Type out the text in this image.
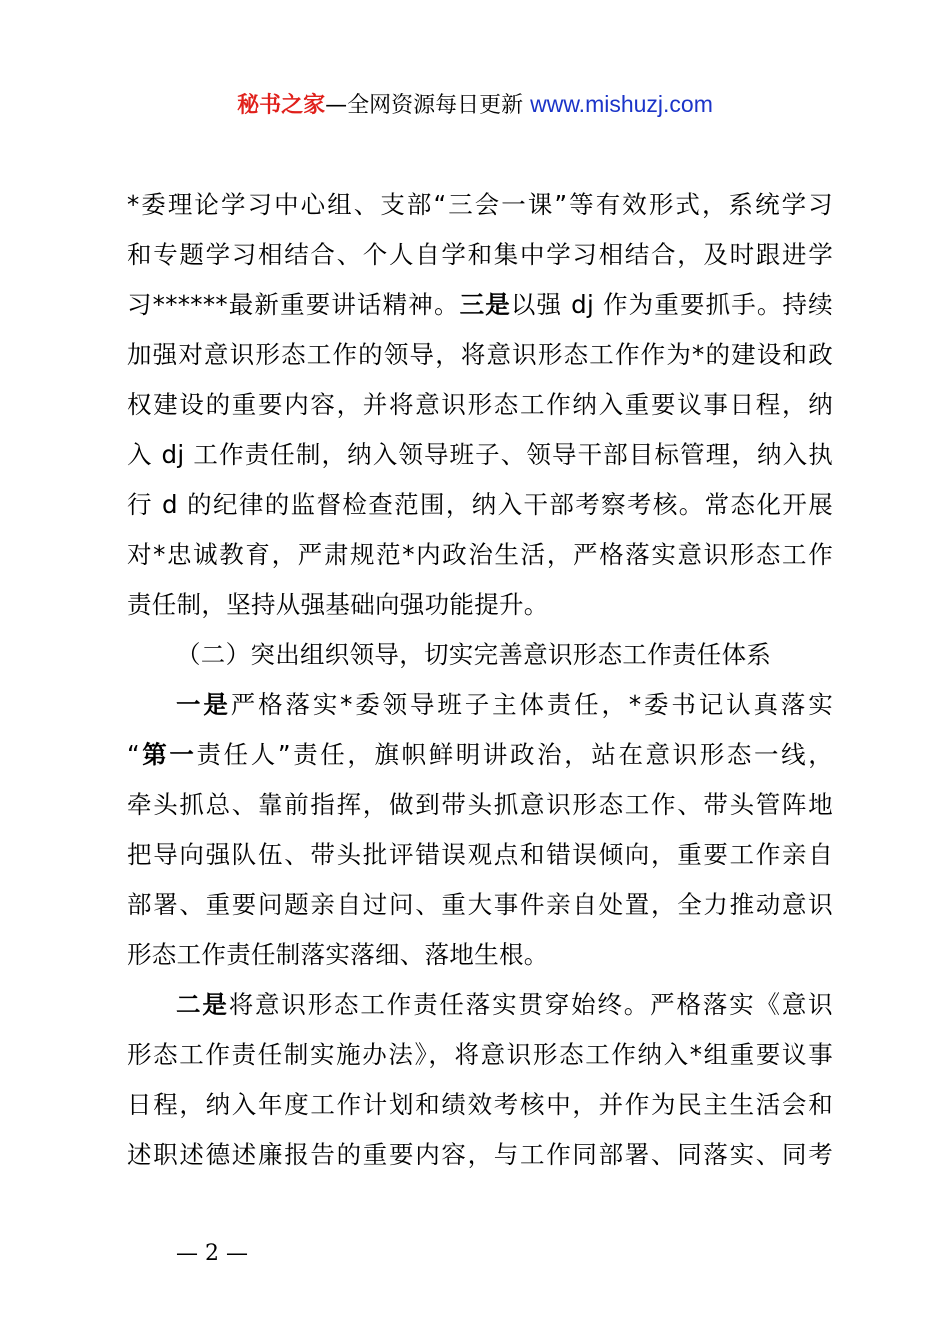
秘书之家—全网资源每日更新 www.mishuzj.com
*委理论学习中心组、支部“三会一课”等有效形式，系统学习
和专题学习相结合、个人自学和集中学习相结合，及时跟进学
习******最新重要讲话精神。三是以强 dj 作为重要抓手。持续
加强对意识形态工作的领导，将意识形态工作作为*的建设和政
权建设的重要内容，并将意识形态工作纳入重要议事日程，纳
入 dj 工作责任制，纳入领导班子、领导干部目标管理，纳入执
行 d 的纪律的监督检查范围，纳入干部考察考核。常态化开展
对*忠诚教育，严肃规范*内政治生活，严格落实意识形态工作
责任制，坚持从强基础向强功能提升。
（二）突出组织领导，切实完善意识形态工作责任体系
一是严格落实*委领导班子主体责任，*委书记认真落实
“第一责任人”责任，旗帜鲜明讲政治，站在意识形态一线，
牵头抓总、靠前指挥，做到带头抓意识形态工作、带头管阵地
把导向强队伍、带头批评错误观点和错误倾向，重要工作亲自
部署、重要问题亲自过问、重大事件亲自处置，全力推动意识
形态工作责任制落实落细、落地生根。
二是将意识形态工作责任落实贯穿始终。严格落实《意识
形态工作责任制实施办法》，将意识形态工作纳入*组重要议事
日程，纳入年度工作计划和绩效考核中，并作为民主生活会和
述职述德述廉报告的重要内容，与工作同部署、同落实、同考
— 2 —
